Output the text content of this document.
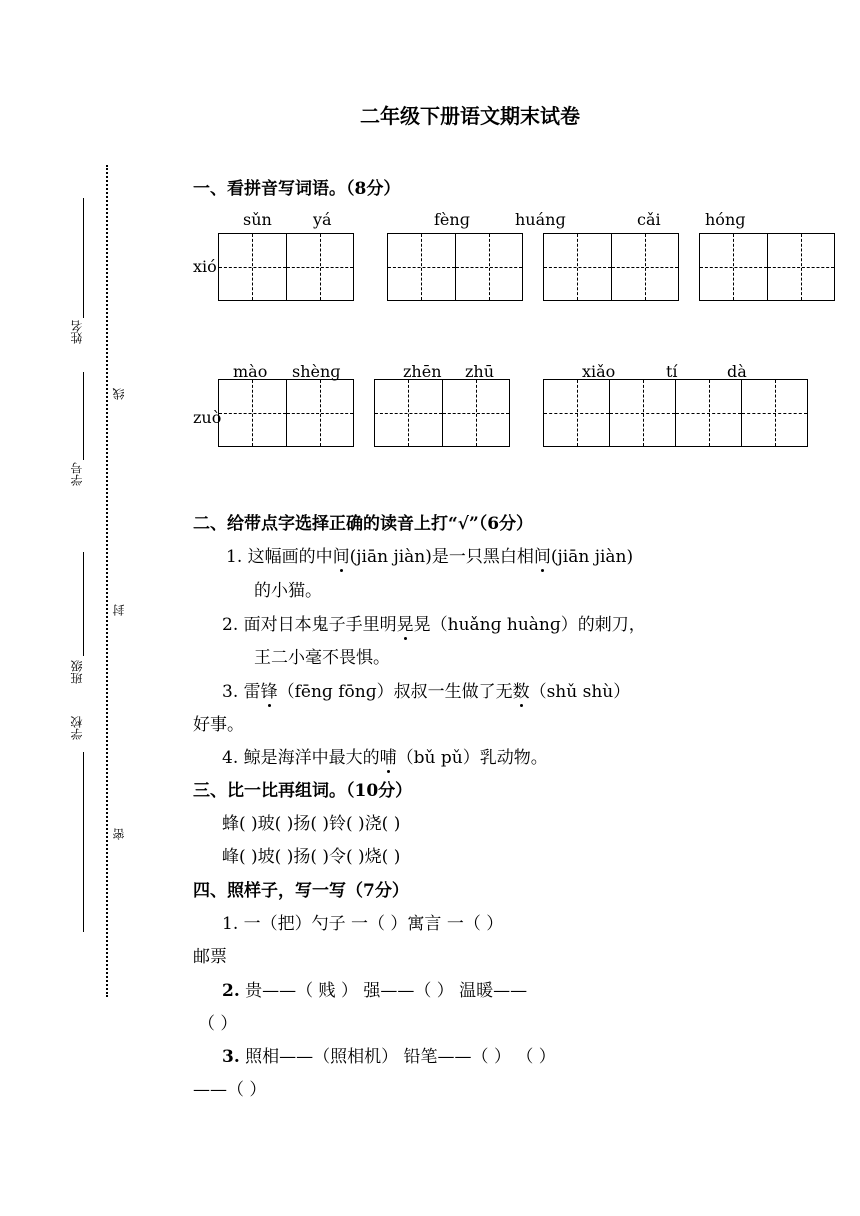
二年级下册语文期末试卷
姓名
学号
班级
学校
线
封
密
一、看拼音写词语。（8分）
sǔn	yá	fènɡ	huánɡ	cǎi	hónɡ
xió
zuò
mào shènɡ	zhēn zhū	xiǎo	tí	dà
二、给带点字选择正确的读音上打“√”（6分）
1. 这幅画的中间(jiān jiàn)是一只黑白相间(jiān jiàn)
的小猫。
2. 面对日本鬼子手里明晃晃（huǎnɡ huànɡ）的刺刀，
王二小毫不畏惧。
3. 雷锋（fēnɡ fōnɡ）叔叔一生做了无数（shǔ shù）
好事。
4. 鲸是海洋中最大的哺（bǔ pǔ）乳动物。
三、比一比再组词。（10分）
蜂( )玻( )扬( )铃( )浇( )
峰( )坡( )扬( )令( )烧( )
四、照样子，写一写（7分）
1. 一（把）勺子 一（ ）寓言 一（ ）
邮票
2. 贵——（ 贱 ） 强——（ ） 温暖——
（ ）
3. 照相——（照相机） 铅笔——（ ） （ ）
——（ ）
